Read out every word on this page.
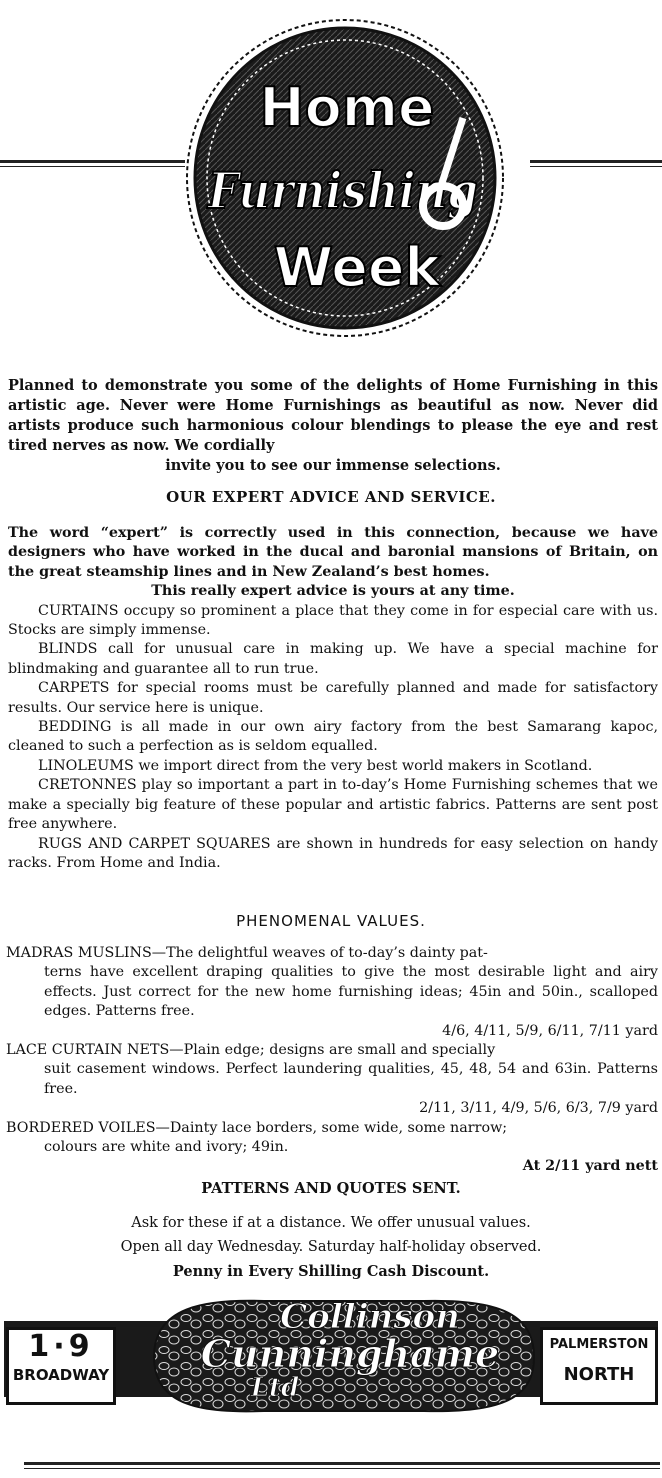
Home
Furnishing
Week
Planned to demonstrate you some of the delights of Home Furnishing in this artistic age. Never were Home Furnishings as beautiful as now. Never did artists produce such harmonious colour blendings to please the eye and rest tired nerves as now. We cordially
invite you to see our immense selections.
OUR EXPERT ADVICE AND SERVICE.

The word “expert” is correctly used in this connection, because we have designers who have worked in the ducal and baronial mansions of Britain, on the great steamship lines and in New Zealand’s best homes.

This really expert advice is yours at any time.

CURTAINS occupy so prominent a place that they come in for especial care with us. Stocks are simply immense.

BLINDS call for unusual care in making up. We have a special machine for blindmaking and guarantee all to run true.

CARPETS for special rooms must be carefully planned and made for satisfactory results. Our service here is unique.

BEDDING is all made in our own airy factory from the best Samarang kapoc, cleaned to such a perfection as is seldom equalled.

LINOLEUMS we import direct from the very best world makers in Scotland.

CRETONNES play so important a part in to-day’s Home Furnishing schemes that we make a specially big feature of these popular and artistic fabrics. Patterns are sent post free anywhere.

RUGS AND CARPET SQUARES are shown in hundreds for easy selection on handy racks. From Home and India.

PHENOMENAL VALUES.
MADRAS MUSLINS—The delightful weaves of to-day’s dainty pat-
terns have excellent draping qualities to give the most desirable light and airy effects. Just correct for the new home furnishing ideas; 45in and 50in., scalloped edges. Patterns free.
4/6, 4/11, 5/9, 6/11, 7/11 yard
LACE CURTAIN NETS—Plain edge; designs are small and specially
suit casement windows. Perfect laundering qualities, 45, 48, 54 and 63in. Patterns free.
2/11, 3/11, 4/9, 5/6, 6/3, 7/9 yard
BORDERED VOILES—Dainty lace borders, some wide, some narrow;
colours are white and ivory; 49in.
At 2/11 yard nett

PATTERNS AND QUOTES SENT.

Ask for these if at a distance. We offer unusual values.

Open all day Wednesday. Saturday half-holiday observed.

Penny in Every Shilling Cash Discount.

1·9
BROADWAY
Collinson
Cunninghame
Ltd
PALMERSTON
NORTH
